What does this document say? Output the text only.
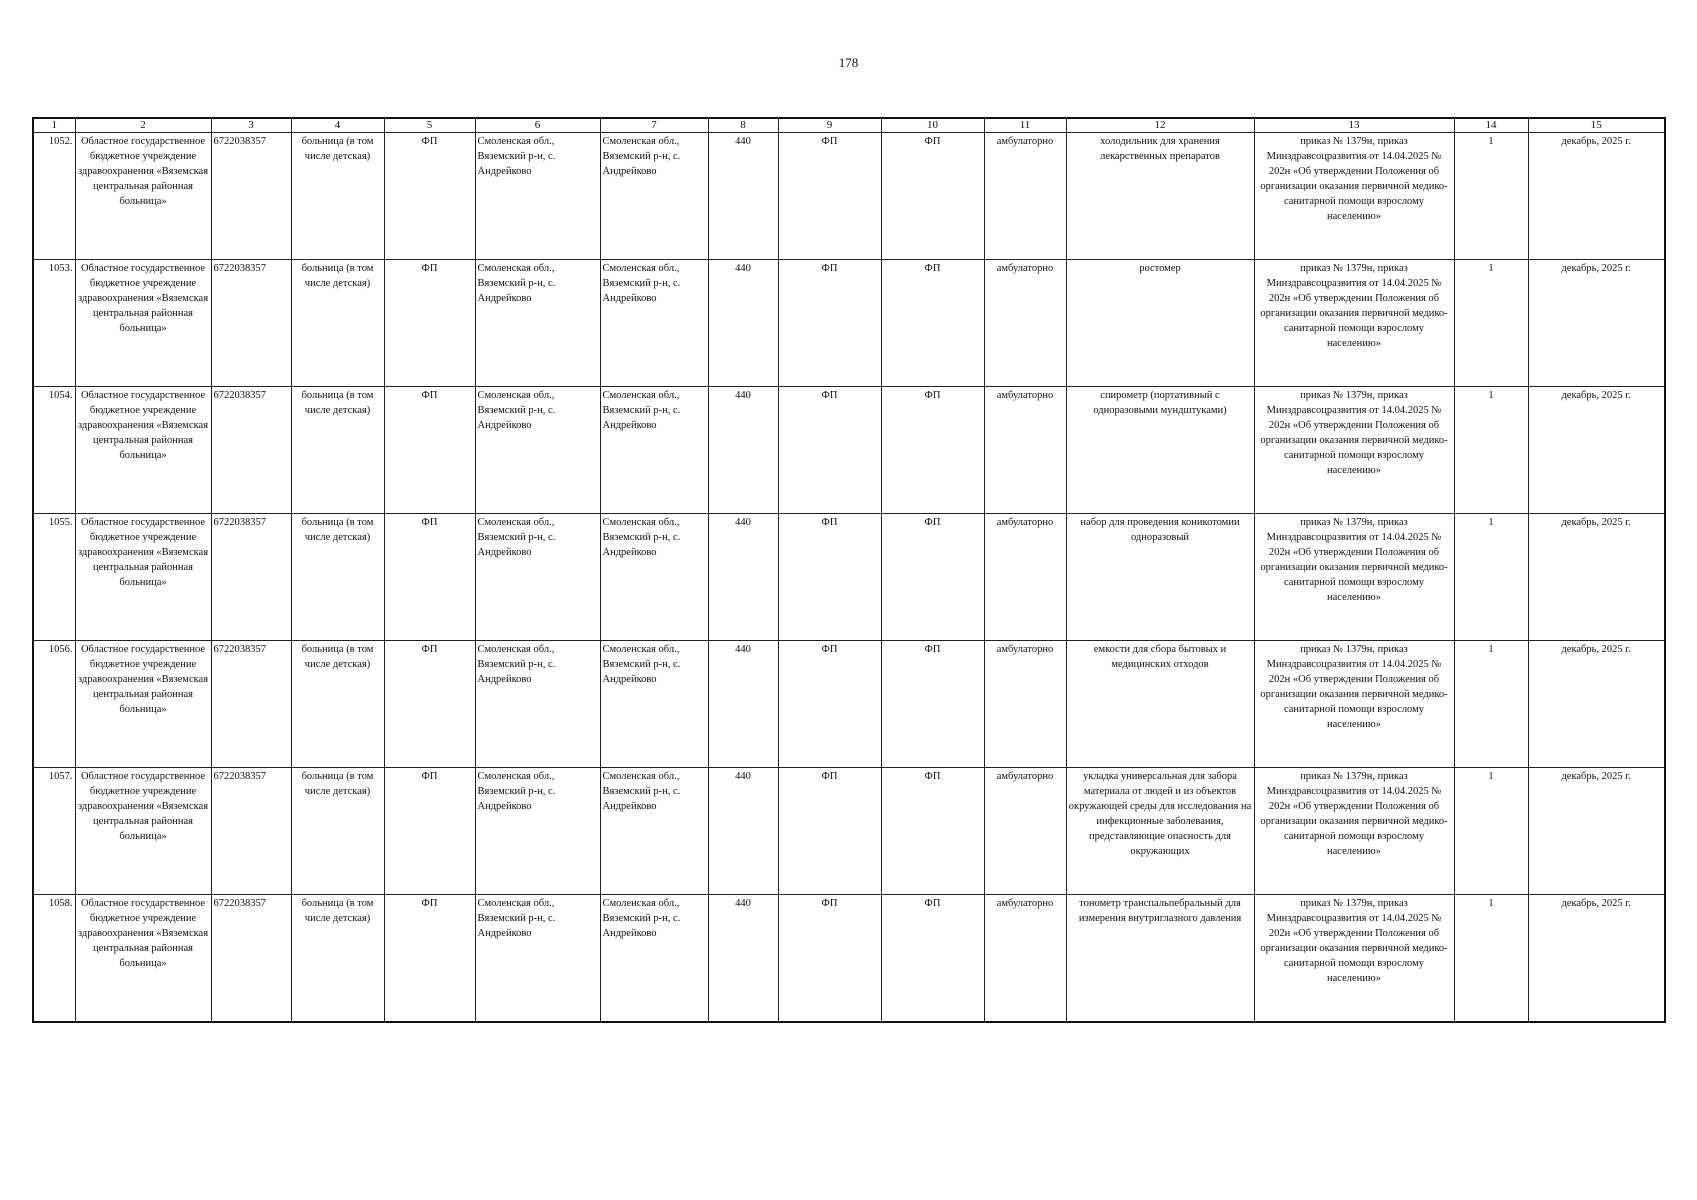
178
1	2	3	4	5	6	7	8	9	10	11	12	13	14	15
1052.	Областное государственное бюджетное учреждение здравоохранения «Вяземская центральная районная больница»	6722038357	больница (в том числе детская)	ФП	Смоленская обл., Вяземский р-н, с. Андрейково	Смоленская обл., Вяземский р-н, с. Андрейково	440	ФП	ФП	амбулаторно	холодильник для хранения лекарственных препаратов	приказ № 1379н, приказ Минздравсоцразвития от 14.04.2025 № 202н «Об утверждении Положения об организации оказания первичной медико-санитарной помощи взрослому населению»	1	декабрь, 2025 г.
1053.	Областное государственное бюджетное учреждение здравоохранения «Вяземская центральная районная больница»	6722038357	больница (в том числе детская)	ФП	Смоленская обл., Вяземский р-н, с. Андрейково	Смоленская обл., Вяземский р-н, с. Андрейково	440	ФП	ФП	амбулаторно	ростомер	приказ № 1379н, приказ Минздравсоцразвития от 14.04.2025 № 202н «Об утверждении Положения об организации оказания первичной медико-санитарной помощи взрослому населению»	1	декабрь, 2025 г.
1054.	Областное государственное бюджетное учреждение здравоохранения «Вяземская центральная районная больница»	6722038357	больница (в том числе детская)	ФП	Смоленская обл., Вяземский р-н, с. Андрейково	Смоленская обл., Вяземский р-н, с. Андрейково	440	ФП	ФП	амбулаторно	спирометр (портативный с одноразовыми мундштуками)	приказ № 1379н, приказ Минздравсоцразвития от 14.04.2025 № 202н «Об утверждении Положения об организации оказания первичной медико-санитарной помощи взрослому населению»	1	декабрь, 2025 г.
1055.	Областное государственное бюджетное учреждение здравоохранения «Вяземская центральная районная больница»	6722038357	больница (в том числе детская)	ФП	Смоленская обл., Вяземский р-н, с. Андрейково	Смоленская обл., Вяземский р-н, с. Андрейково	440	ФП	ФП	амбулаторно	набор для проведения коникотомии одноразовый	приказ № 1379н, приказ Минздравсоцразвития от 14.04.2025 № 202н «Об утверждении Положения об организации оказания первичной медико-санитарной помощи взрослому населению»	1	декабрь, 2025 г.
1056.	Областное государственное бюджетное учреждение здравоохранения «Вяземская центральная районная больница»	6722038357	больница (в том числе детская)	ФП	Смоленская обл., Вяземский р-н, с. Андрейково	Смоленская обл., Вяземский р-н, с. Андрейково	440	ФП	ФП	амбулаторно	емкости для сбора бытовых и медицинских отходов	приказ № 1379н, приказ Минздравсоцразвития от 14.04.2025 № 202н «Об утверждении Положения об организации оказания первичной медико-санитарной помощи взрослому населению»	1	декабрь, 2025 г.
1057.	Областное государственное бюджетное учреждение здравоохранения «Вяземская центральная районная больница»	6722038357	больница (в том числе детская)	ФП	Смоленская обл., Вяземский р-н, с. Андрейково	Смоленская обл., Вяземский р-н, с. Андрейково	440	ФП	ФП	амбулаторно	укладка универсальная для забора материала от людей и из объектов окружающей среды для исследования на инфекционные заболевания, представляющие опасность для окружающих	приказ № 1379н, приказ Минздравсоцразвития от 14.04.2025 № 202н «Об утверждении Положения об организации оказания первичной медико-санитарной помощи взрослому населению»	1	декабрь, 2025 г.
1058.	Областное государственное бюджетное учреждение здравоохранения «Вяземская центральная районная больница»	6722038357	больница (в том числе детская)	ФП	Смоленская обл., Вяземский р-н, с. Андрейково	Смоленская обл., Вяземский р-н, с. Андрейково	440	ФП	ФП	амбулаторно	тонометр транспальпебральный для измерения внутриглазного давления	приказ № 1379н, приказ Минздравсоцразвития от 14.04.2025 № 202н «Об утверждении Положения об организации оказания первичной медико-санитарной помощи взрослому населению»	1	декабрь, 2025 г.
